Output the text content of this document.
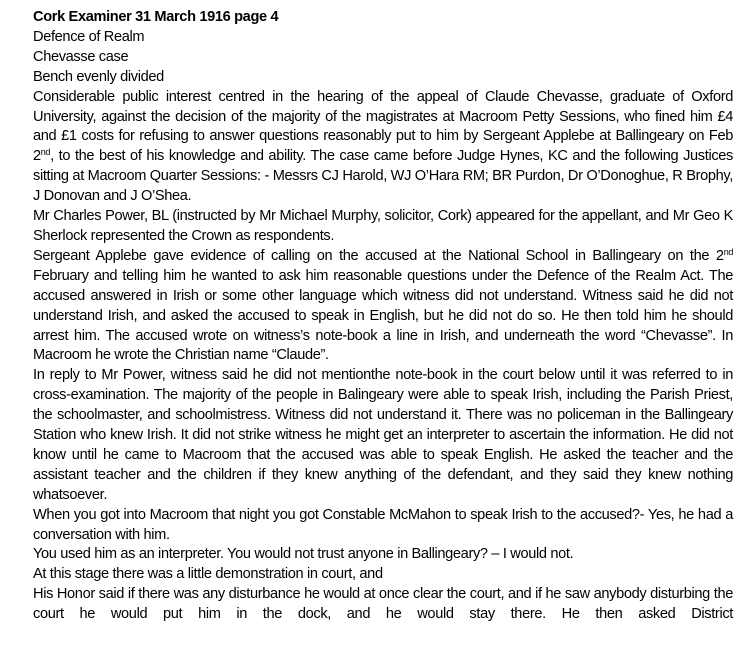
Cork Examiner 31 March 1916 page 4

Defence of Realm

Chevasse case

Bench evenly divided

Considerable public interest centred in the hearing of the appeal of Claude Chevasse, graduate of Oxford University, against the decision of the majority of the magistrates at Macroom Petty Sessions, who fined him £4 and £1 costs for refusing to answer questions reasonably put to him by Sergeant Applebe at Ballingeary on Feb 2nd, to the best of his knowledge and ability. The case came before Judge Hynes, KC and the following Justices sitting at Macroom Quarter Sessions: - Messrs CJ Harold, WJ O’Hara RM; BR Purdon, Dr O’Donoghue, R Brophy, J Donovan and J O’Shea.

Mr Charles Power, BL (instructed by Mr Michael Murphy, solicitor, Cork) appeared for the appellant, and Mr Geo K Sherlock represented the Crown as respondents.

Sergeant Applebe gave evidence of calling on the accused at the National School in Ballingeary on the 2nd February and telling him he wanted to ask him reasonable questions under the Defence of the Realm Act. The accused answered in Irish or some other language which witness did not understand. Witness said he did not understand Irish, and asked the accused to speak in English, but he did not do so. He then told him he should arrest him. The accused wrote on witness’s note-book a line in Irish, and underneath the word “Chevasse”. In Macroom he wrote the Christian name “Claude”.

In reply to Mr Power, witness said he did not mentionthe note-book in the court below until it was referred to in cross-examination. The majority of the people in Balingeary were able to speak Irish, including the Parish Priest, the schoolmaster, and schoolmistress. Witness did not understand it. There was no policeman in the Ballingeary Station who knew Irish. It did not strike witness he might get an interpreter to ascertain the information. He did not know until he came to Macroom that the accused was able to speak English. He asked the teacher and the assistant teacher and the children if they knew anything of the defendant, and they said they knew nothing whatsoever.

When you got into Macroom that night you got Constable McMahon to speak Irish to the accused?- Yes, he had a conversation with him.

You used him as an interpreter. You would not trust anyone in Ballingeary? – I would not.

At this stage there was a little demonstration in court, and

His Honor said if there was any disturbance he would at once clear the court, and if he saw anybody disturbing the court he would put him in the dock, and he would stay there. He then asked District
